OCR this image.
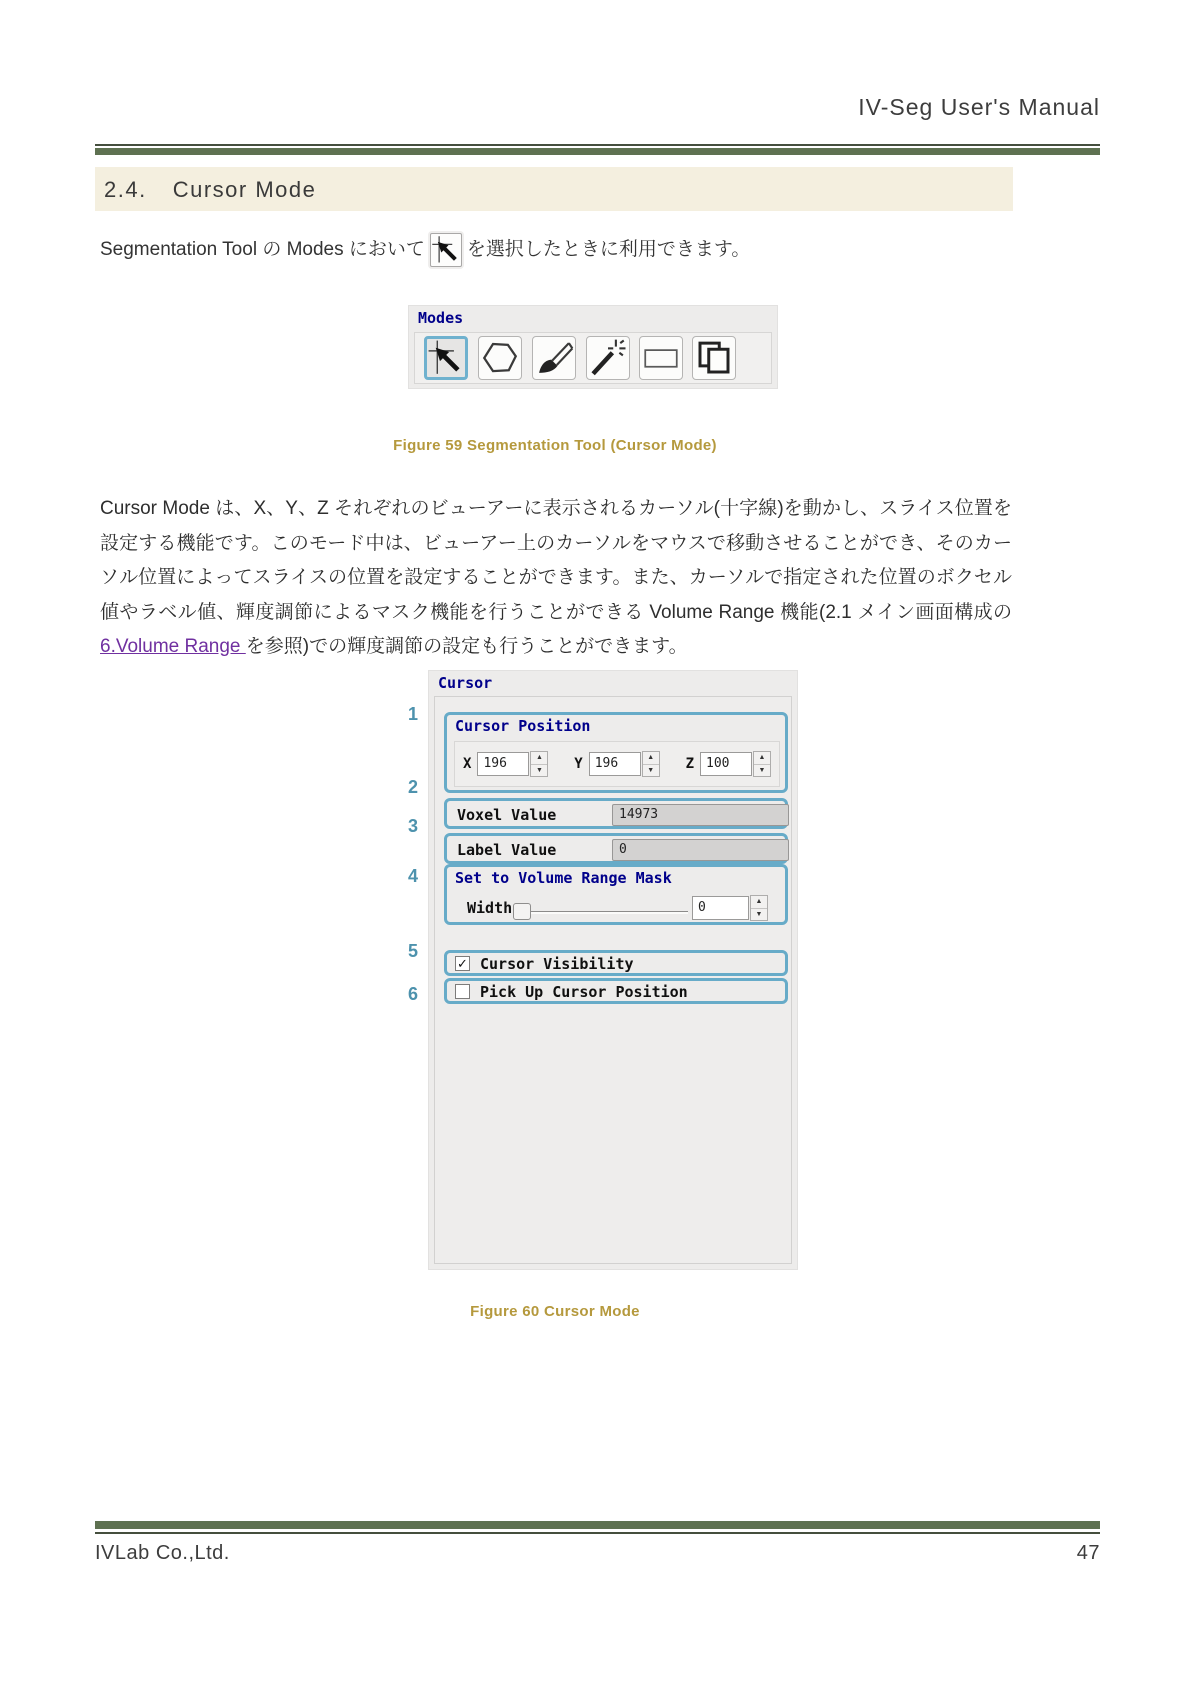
IV-Seg User's Manual
2.4. Cursor Mode
Segmentation Tool の Modes において を選択したときに利用できます。
Modes
Figure 59 Segmentation Tool (Cursor Mode)
Cursor Mode は、X、Y、Z それぞれのビューアーに表示されるカーソル(十字線)を動かし、スライス位置を設定する機能です。このモード中は、ビューアー上のカーソルをマウスで移動させることができ、そのカーソル位置によってスライスの位置を設定することができます。また、カーソルで指定された位置のボクセル値やラベル値、輝度調節によるマスク機能を行うことができる Volume Range 機能(2.1 メイン画面構成の 6.Volume Range を参照)での輝度調節の設定も行うことができます。
Cursor
Cursor Position
X 196	▲
▼	Y 196	▲
▼	Z 100	▲
▼
Voxel Value	14973
Label Value	0
Set to Volume Range Mask
Width	0	▲
▼
✓ Cursor Visibility
Pick Up Cursor Position
1
2
3
4
5
6
Figure 60 Cursor Mode
IVLab Co.,Ltd.	47
